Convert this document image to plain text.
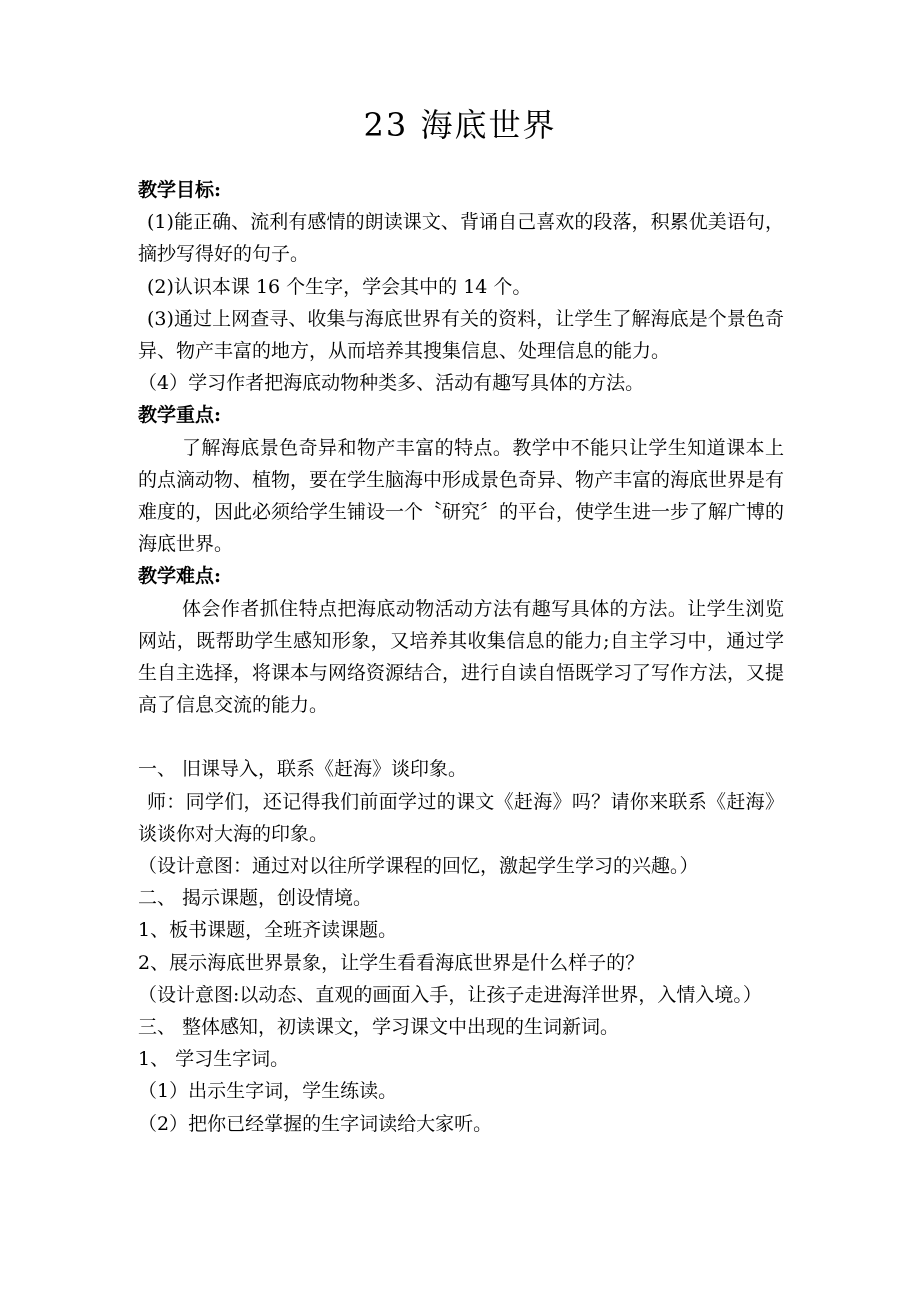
23 海底世界

教学目标:

(1)能正确、流利有感情的朗读课文、背诵自己喜欢的段落，积累优美语句，摘抄写得好的句子。

(2)认识本课 16 个生字，学会其中的 14 个。

(3)通过上网查寻、收集与海底世界有关的资料，让学生了解海底是个景色奇异、物产丰富的地方，从而培养其搜集信息、处理信息的能力。

（4）学习作者把海底动物种类多、活动有趣写具体的方法。

教学重点:

了解海底景色奇异和物产丰富的特点。教学中不能只让学生知道课本上的点滴动物、植物，要在学生脑海中形成景色奇异、物产丰富的海底世界是有难度的，因此必须给学生铺设一个〝研究〞的平台，使学生进一步了解广博的海底世界。

教学难点:

体会作者抓住特点把海底动物活动方法有趣写具体的方法。让学生浏览网站，既帮助学生感知形象，又培养其收集信息的能力;自主学习中，通过学生自主选择，将课本与网络资源结合，进行自读自悟既学习了写作方法，又提高了信息交流的能力。

一、 旧课导入，联系《赶海》谈印象。

师：同学们，还记得我们前面学过的课文《赶海》吗？请你来联系《赶海》谈谈你对大海的印象。

（设计意图：通过对以往所学课程的回忆，激起学生学习的兴趣。）

二、 揭示课题，创设情境。

1、板书课题，全班齐读课题。

2、展示海底世界景象，让学生看看海底世界是什么样子的？

（设计意图:以动态、直观的画面入手，让孩子走进海洋世界，入情入境。）

三、 整体感知，初读课文，学习课文中出现的生词新词。

1、 学习生字词。

（1）出示生字词，学生练读。

（2）把你已经掌握的生字词读给大家听。
